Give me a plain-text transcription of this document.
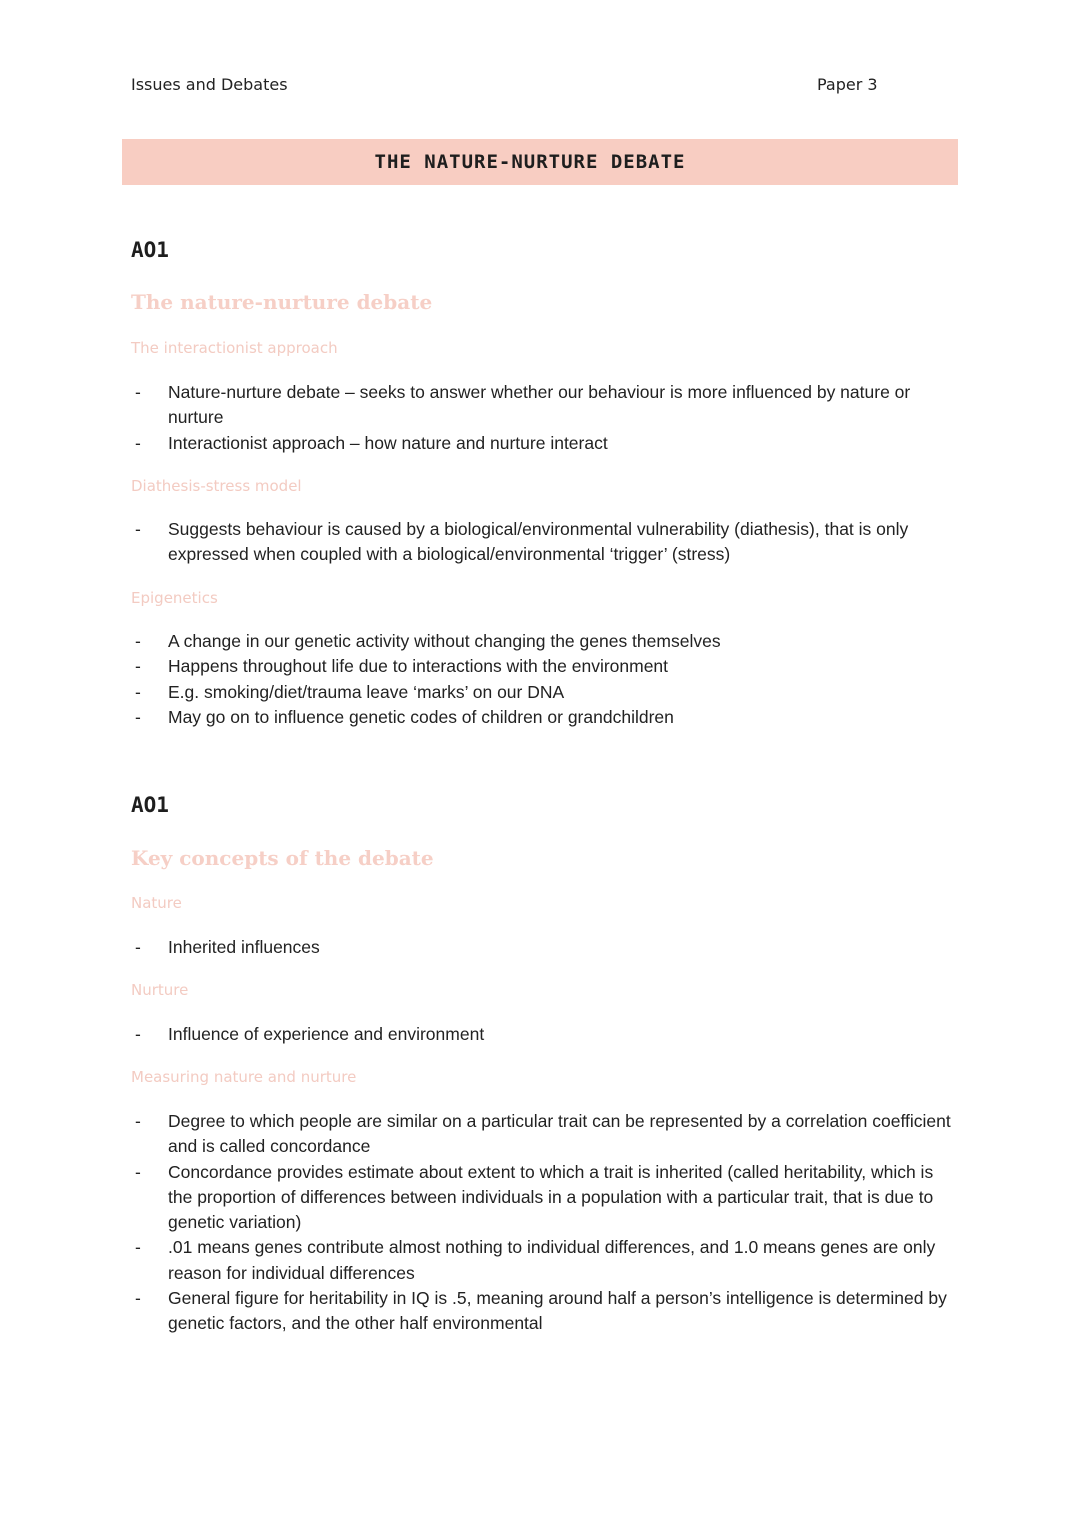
Issues and Debates	Paper 3
THE NATURE-NURTURE DEBATE
AO1
The nature-nurture debate
The interactionist approach
- Nature-nurture debate – seeks to answer whether our behaviour is more influenced by nature or nurture
- Interactionist approach – how nature and nurture interact
Diathesis-stress model
- Suggests behaviour is caused by a biological/environmental vulnerability (diathesis), that is only expressed when coupled with a biological/environmental ‘trigger’ (stress)
Epigenetics
- A change in our genetic activity without changing the genes themselves
- Happens throughout life due to interactions with the environment
- E.g. smoking/diet/trauma leave ‘marks’ on our DNA
- May go on to influence genetic codes of children or grandchildren
AO1
Key concepts of the debate
Nature
- Inherited influences
Nurture
- Influence of experience and environment
Measuring nature and nurture
- Degree to which people are similar on a particular trait can be represented by a correlation coefficient and is called concordance
- Concordance provides estimate about extent to which a trait is inherited (called heritability, which is the proportion of differences between individuals in a population with a particular trait, that is due to genetic variation)
- .01 means genes contribute almost nothing to individual differences, and 1.0 means genes are only reason for individual differences
- General figure for heritability in IQ is .5, meaning around half a person’s intelligence is determined by genetic factors, and the other half environmental
